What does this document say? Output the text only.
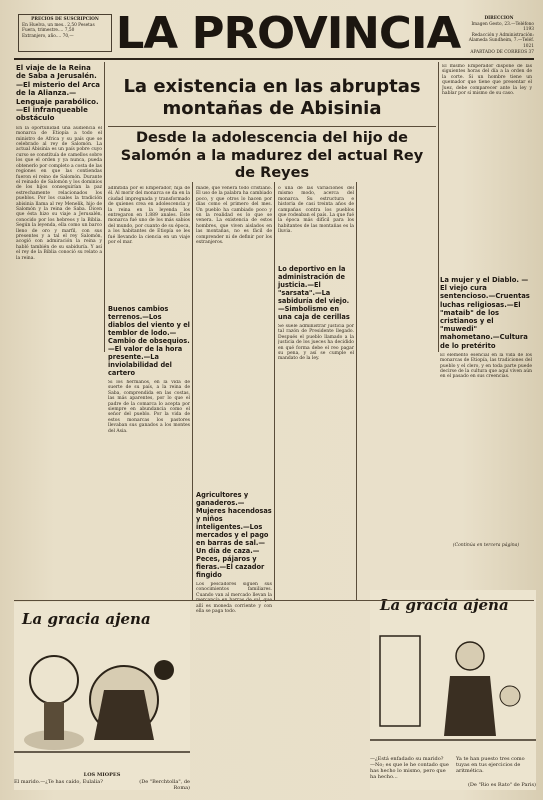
PRECIOS DE SUSCRIPCION
En Huelva, un mes.. 2,50 Pesetas
Fuera, trimestre.... 7,50
Extranjero, año.... 70,— LA PROVINCIA	DIRECCION
Imagen Gesto, 23.—Teléfono 1193
Redacción y Administración:
Alameda Sundheim, 7.—Teléf. 1021
APARTADO DE CORREOS 37
El viaje de la Reina de Saba a Jerusalén. —El misterio del Arca de la Alianza.—Lenguaje parabólico.—El infranqueable obstáculo

En la oportunidad una audiencia el monarca de Etiopía a todo el ministro de Africa y su país que se celebrado al rey de Salomón. La actual Abisinia es un país pobre cuyo curso se constituía de camellos sobre los que el orden y ya nunca, pueda obtenerlo por completo a costa de las regiones en que las contiendas fueron el reino de Salomón. Durante el reinado de Salomón y los dominios de los hijos conseguirían la paz estrechamente relacionados los pueblos. Por los cuales la tradición abisinia llama al rey Menelik, hijo de Salomón y la reina de Saba. Dicen que ésta hizo su viaje a Jerusalén, conocido por los hebreos y la Biblia. Según la leyenda, ella como un barco lleno de oro y marfil, con sus presentes y a tal el rey Salomón, acogió con admiración la reina y habló también de su sabiduría. Y así el rey de la Biblia conoció su relato a la reina.

La existencia en las abruptas montañas de Abisinia
Desde la adolescencia del hijo de Salomón a la madurez del actual Rey de Reyes

El mismo Emperador dispone de las siguientes horas del día a la orden de la corte. Si un hombre tiene un quemador que tiene que presentar el Juez, debe comparecer ante la ley y hablar por sí mismo de su caso.

admitida por el Emperador, hija de él. Al morir del monarca se da en la ciudad impregnada y transformado de quienes crea en adolescencia y la reina en la leyenda los entregaron en 1.889 anales. Este monarca fué uno de los más sabios del mundo, por cuanto de su época, a los habitantes de Etiopía se les fué llevando la ciencia en un viaje por el mar.

Buenos cambios terrenos.—Los diablos del viento y el temblor de lodo.—Cambio de obsequios.—El valor de la hora presente.—La inviolabilidad del cartero

Si los hermanos, en la vida de suerte de su país, a la reina de Saba, comprendida en las costas, las más aparentes, por lo que el padre de la comarca lo acepta por siempre en abundancia como el señor del pueblo. Por la vida de estos monarcas los pastores llevaban sus ganados a los montes del Asia.

made, que venera todo cristiano. El uso de la palabra ha cambiado poco, y que otros lo hacen por días como el primero del mes. Un pueblo ha cambiado poco y en la realidad es lo que se venera. La existencia de estos hombres, que viven aislados en las montañas, no es fácil de comprender ni de definir por los extranjeros.

Agricultores y ganaderos.—Mujeres hacendosas y niños inteligentes.—Los mercados y el pago en barras de sal.—Un día de caza.—Peces, pájaros y fieras.—El cazador fingido

Los pescadores siguen sus conocimientos familiares. Cuando van al mercado llevan la mercancía en barras de sal, que allí es moneda corriente y con ella se paga todo.

o una de las variaciones del mismo modo, acerca del monarca. Su estructura e historia de casi treinta años de campañas contra los pueblos que rodeaban el país. La que fué la época más difícil para los habitantes de las montañas es la lluvia.

Lo deportivo en la administración de justicia.—El "sarsata".—La sabiduría del viejo.—Simbolismo en una caja de cerillas

Se suele administrar justicia por tal razón de Presidente llegado. Después el pueblo llamado a la justicia de los jueces ha decidido en qué forma debe el reo pagar su pena, y así se cumple el mandato de la ley.

La mujer y el Diablo. —El viejo cura sentencioso.—Cruentas luchas religiosas.—El "mataib" de los cristianos y el "muwedi" mahometano.—Cultura de lo pretérito

El elemento esencial en la vida de los monarcas de Etiopía, las tradiciones del pueblo y el clero, y en toda parte puede decirse de la cultura que aquí viven aún en el pasado en sus creencias.

(Continúa en tercera página)
La gracia ajena
LOS MIOPES
El marido.—¿Te has caído, Eulalia?	(De "Berchtolla", de Roma)
La gracia ajena
—¿Está enfadado su marido? —No; es que le he contado que has hecho lo mismo, pero que ha hecho...
Ya te han puesto tres como tuyas en tus ejercicios de aritmética.
(De "Rio es Rato" de Paris)
